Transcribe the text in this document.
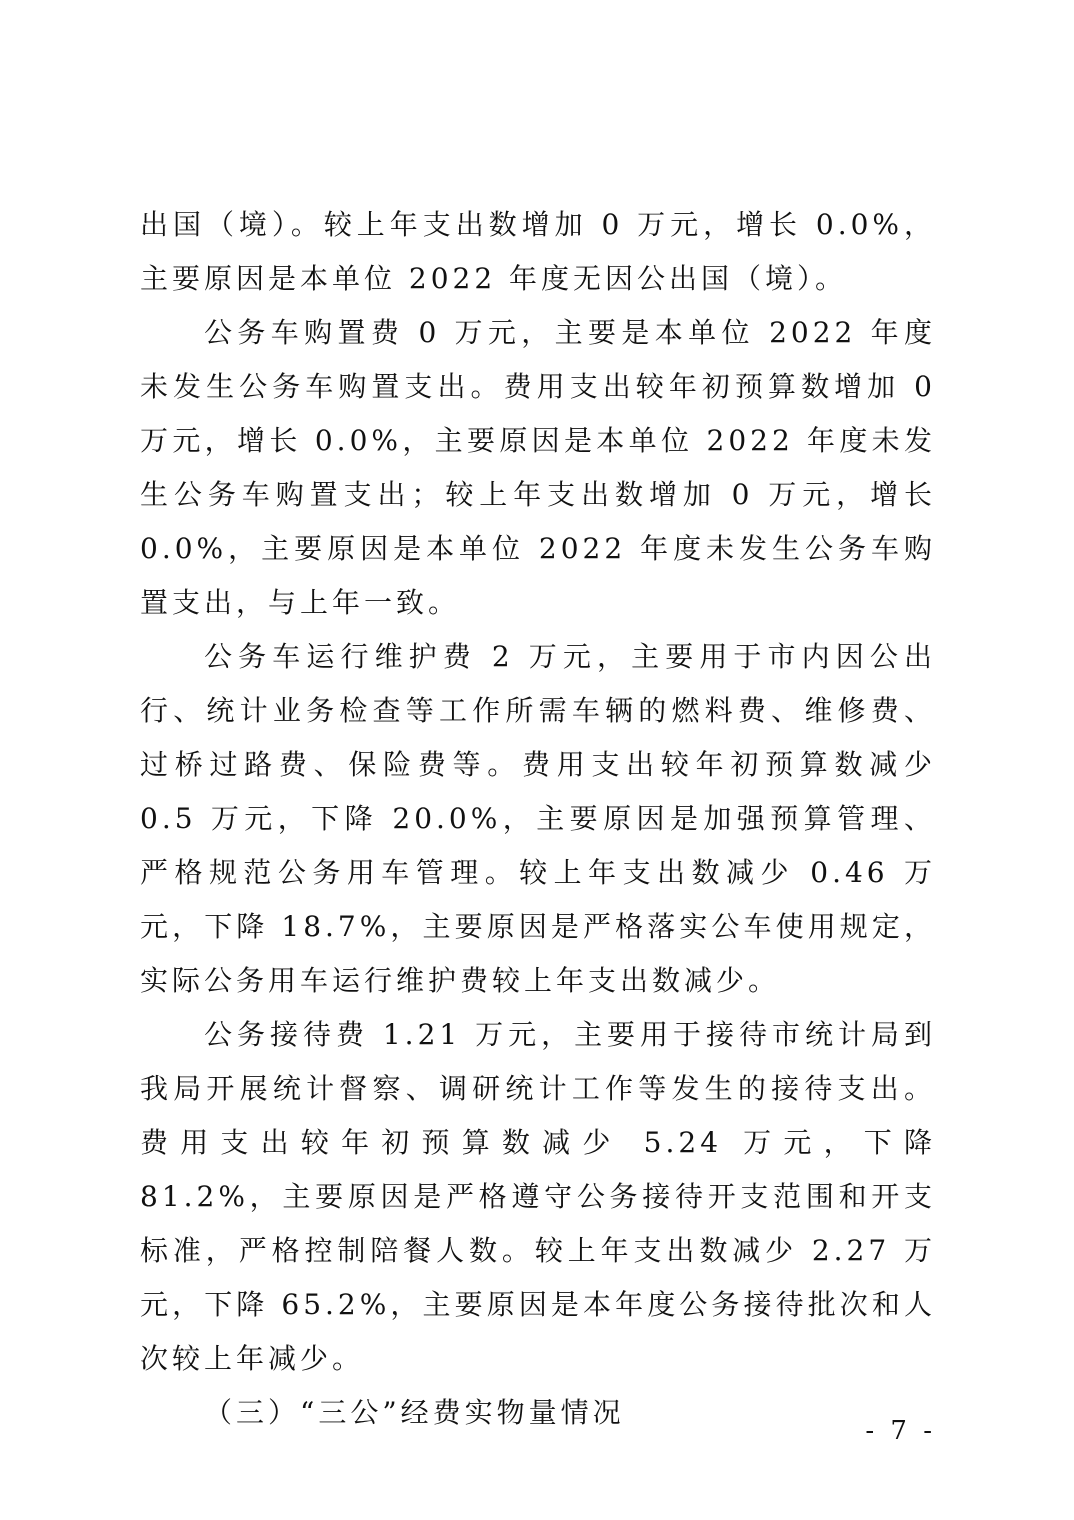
出国（境）。较上年支出数增加 0 万元，增长 0.0%，主要原因是本单位 2022 年度无因公出国（境）。

公务车购置费 0 万元，主要是本单位 2022 年度未发生公务车购置支出。费用支出较年初预算数增加 0 万元，增长 0.0%，主要原因是本单位 2022 年度未发生公务车购置支出；较上年支出数增加 0 万元，增长 0.0%，主要原因是本单位 2022 年度未发生公务车购置支出，与上年一致。

公务车运行维护费 2 万元，主要用于市内因公出行、统计业务检查等工作所需车辆的燃料费、维修费、过桥过路费、保险费等。费用支出较年初预算数减少 0.5 万元，下降 20.0%，主要原因是加强预算管理、严格规范公务用车管理。较上年支出数减少 0.46 万元，下降 18.7%，主要原因是严格落实公车使用规定，实际公务用车运行维护费较上年支出数减少。

公务接待费 1.21 万元，主要用于接待市统计局到我局开展统计督察、调研统计工作等发生的接待支出。费用支出较年初预算数减少 5.24 万元，下降 81.2%，主要原因是严格遵守公务接待开支范围和开支标准，严格控制陪餐人数。较上年支出数减少 2.27 万元，下降 65.2%，主要原因是本年度公务接待批次和人次较上年减少。

（三）“三公”经费实物量情况

- 7 -
